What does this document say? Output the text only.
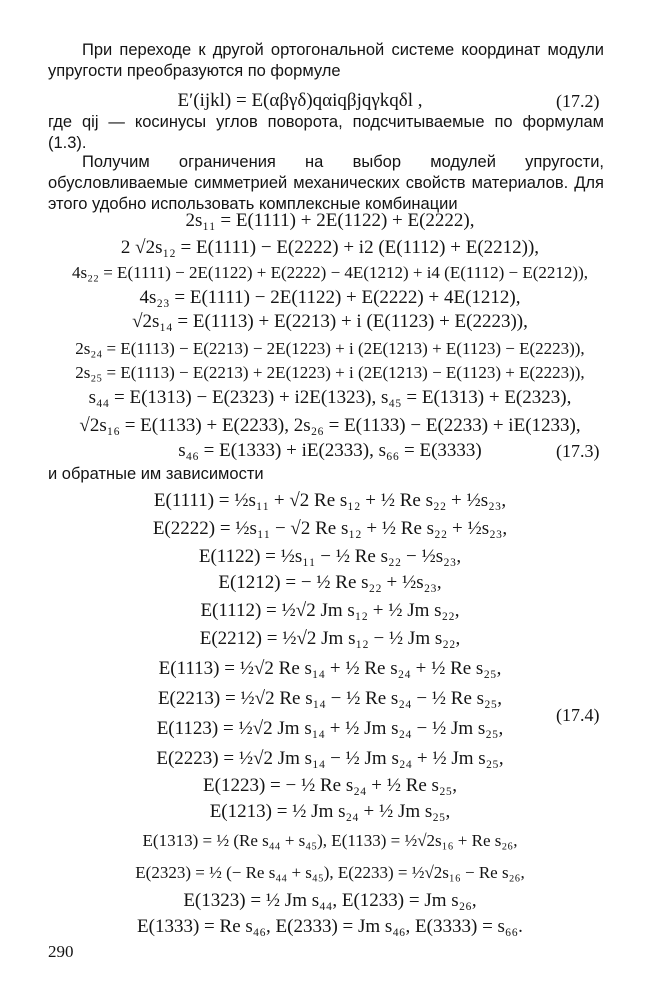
При переходе к другой ортогональной системе координат модули упругости преобразуются по формуле

E′(ijkl) = E(αβγδ)qαiqβjqγkqδl ,	(17.2)

где qij — косинусы углов поворота, подсчитываемые по формулам (1.3).

Получим ограничения на выбор модулей упругости, обусловливаемые симметрией механических свойств материалов. Для этого удобно использовать комплексные комбинации

2s₁₁ = E(1111) + 2E(1122) + E(2222),
2 √2s₁₂ = E(1111) − E(2222) + i2 (E(1112) + E(2212)),
4s₂₂ = E(1111) − 2E(1122) + E(2222) − 4E(1212) + i4 (E(1112) − E(2212)),
4s₂₃ = E(1111) − 2E(1122) + E(2222) + 4E(1212),
√2s₁₄ = E(1113) + E(2213) + i (E(1123) + E(2223)),
2s₂₄ = E(1113) − E(2213) − 2E(1223) + i (2E(1213) + E(1123) − E(2223)),
2s₂₅ = E(1113) − E(2213) + 2E(1223) + i (2E(1213) − E(1123) + E(2223)),
s₄₄ = E(1313) − E(2323) + i2E(1323), s₄₅ = E(1313) + E(2323),
√2s₁₆ = E(1133) + E(2233), 2s₂₆ = E(1133) − E(2233) + iE(1233),
s₄₆ = E(1333) + iE(2333), s₆₆ = E(3333)	(17.3)

и обратные им зависимости

E(1111) = ½s₁₁ + √2 Re s₁₂ + ½ Re s₂₂ + ½s₂₃,
E(2222) = ½s₁₁ − √2 Re s₁₂ + ½ Re s₂₂ + ½s₂₃,
E(1122) = ½s₁₁ − ½ Re s₂₂ − ½s₂₃,
E(1212) = − ½ Re s₂₂ + ½s₂₃,
E(1112) = ½√2 Jm s₁₂ + ½ Jm s₂₂,
E(2212) = ½√2 Jm s₁₂ − ½ Jm s₂₂,
E(1113) = ½√2 Re s₁₄ + ½ Re s₂₄ + ½ Re s₂₅,
E(2213) = ½√2 Re s₁₄ − ½ Re s₂₄ − ½ Re s₂₅,
E(1123) = ½√2 Jm s₁₄ + ½ Jm s₂₄ − ½ Jm s₂₅,
E(2223) = ½√2 Jm s₁₄ − ½ Jm s₂₄ + ½ Jm s₂₅,
(17.4)
E(1223) = − ½ Re s₂₄ + ½ Re s₂₅,
E(1213) = ½ Jm s₂₄ + ½ Jm s₂₅,
E(1313) = ½ (Re s₄₄ + s₄₅), E(1133) = ½√2s₁₆ + Re s₂₆,
E(2323) = ½ (− Re s₄₄ + s₄₅), E(2233) = ½√2s₁₆ − Re s₂₆,
E(1323) = ½ Jm s₄₄, E(1233) = Jm s₂₆,
E(1333) = Re s₄₆, E(2333) = Jm s₄₆, E(3333) = s₆₆.
290
